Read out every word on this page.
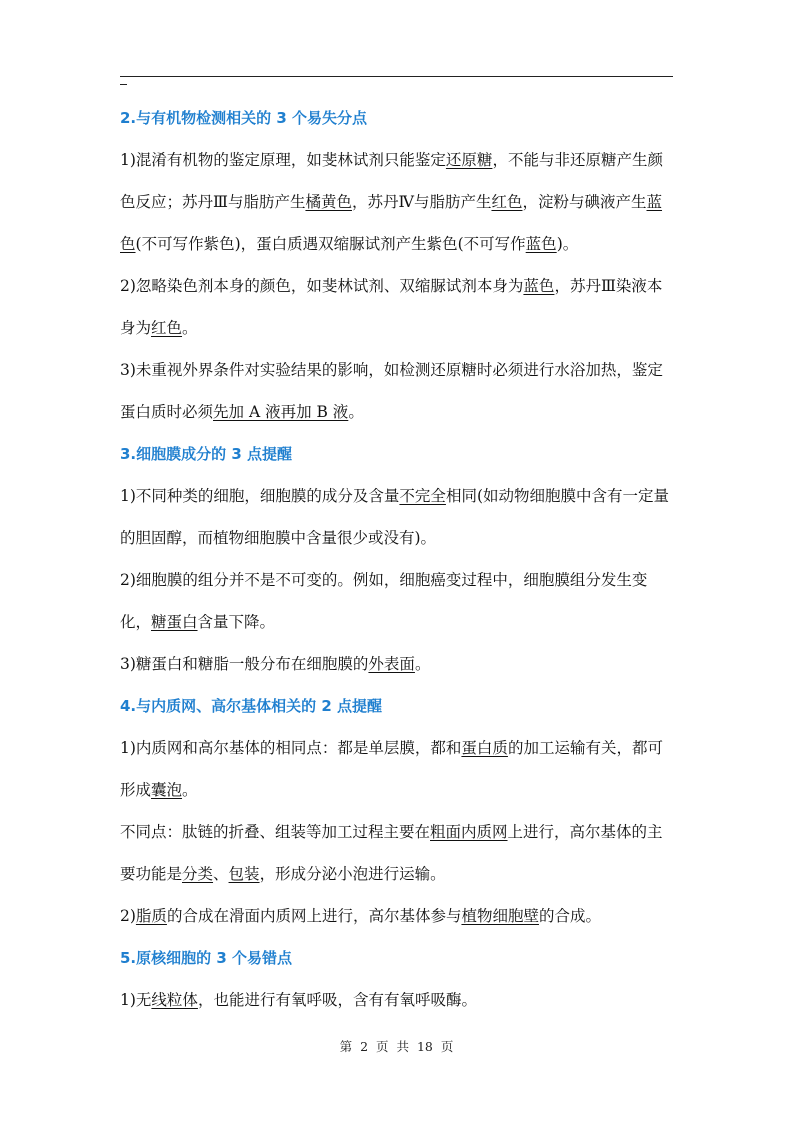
2.与有机物检测相关的 3 个易失分点

1)混淆有机物的鉴定原理，如斐林试剂只能鉴定还原糖，不能与非还原糖产生颜色反应；苏丹Ⅲ与脂肪产生橘黄色，苏丹Ⅳ与脂肪产生红色，淀粉与碘液产生蓝色(不可写作紫色)，蛋白质遇双缩脲试剂产生紫色(不可写作蓝色)。

2)忽略染色剂本身的颜色，如斐林试剂、双缩脲试剂本身为蓝色，苏丹Ⅲ染液本身为红色。

3)未重视外界条件对实验结果的影响，如检测还原糖时必须进行水浴加热，鉴定蛋白质时必须先加 A 液再加 B 液。

3.细胞膜成分的 3 点提醒

1)不同种类的细胞，细胞膜的成分及含量不完全相同(如动物细胞膜中含有一定量的胆固醇，而植物细胞膜中含量很少或没有)。

2)细胞膜的组分并不是不可变的。例如，细胞癌变过程中，细胞膜组分发生变化，糖蛋白含量下降。

3)糖蛋白和糖脂一般分布在细胞膜的外表面。

4.与内质网、高尔基体相关的 2 点提醒

1)内质网和高尔基体的相同点：都是单层膜，都和蛋白质的加工运输有关，都可形成囊泡。

不同点：肽链的折叠、组装等加工过程主要在粗面内质网上进行，高尔基体的主要功能是分类、包装，形成分泌小泡进行运输。

2)脂质的合成在滑面内质网上进行，高尔基体参与植物细胞壁的合成。

5.原核细胞的 3 个易错点

1)无线粒体，也能进行有氧呼吸，含有有氧呼吸酶。

第 2 页 共 18 页
